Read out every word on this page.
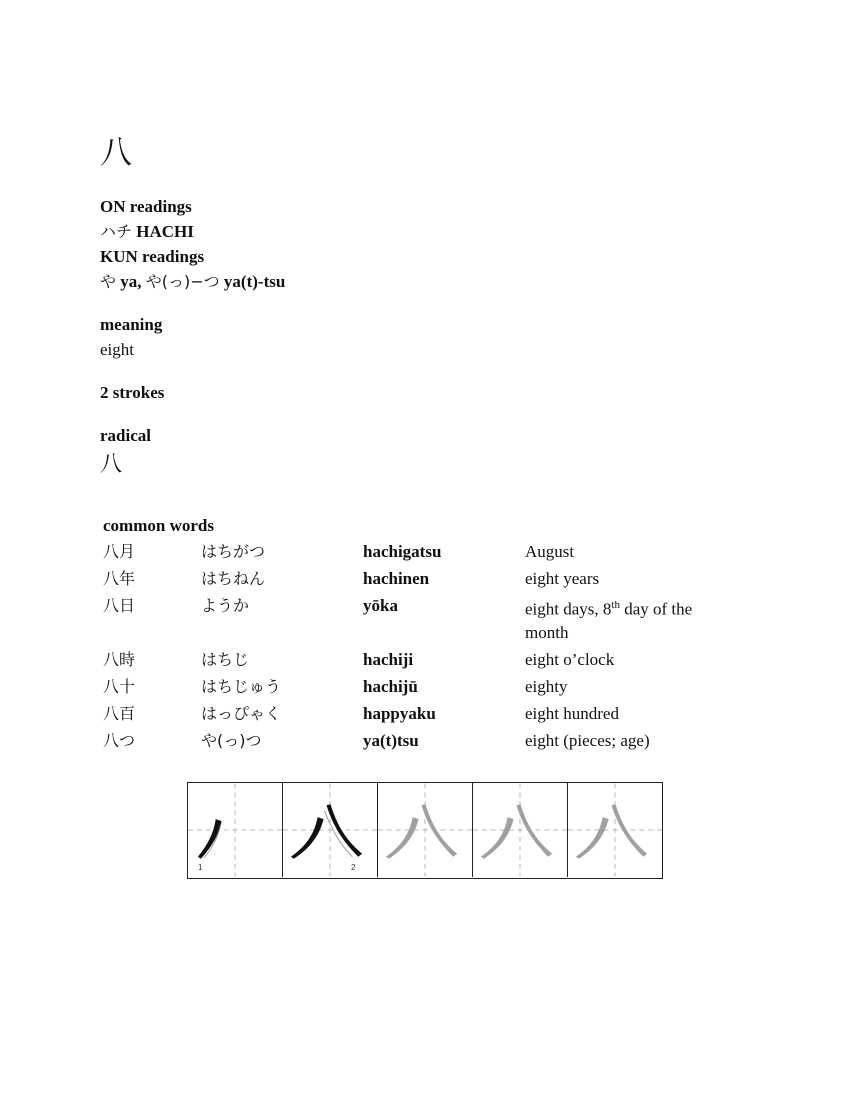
八
ON readings
ハチ HACHI
KUN readings
や ya, や(っ)−つ ya(t)-tsu
meaning
eight
2 strokes
radical
八
common words
八月	はちがつ	hachigatsu	August
八年	はちねん	hachinen	eight years
八日	ようか	yōka	eight days, 8th day of the month
八時	はちじ	hachiji	eight o’clock
八十	はちじゅう	hachijū	eighty
八百	はっぴゃく	happyaku	eight hundred
八つ	や(っ)つ	ya(t)tsu	eight (pieces; age)
1	2
